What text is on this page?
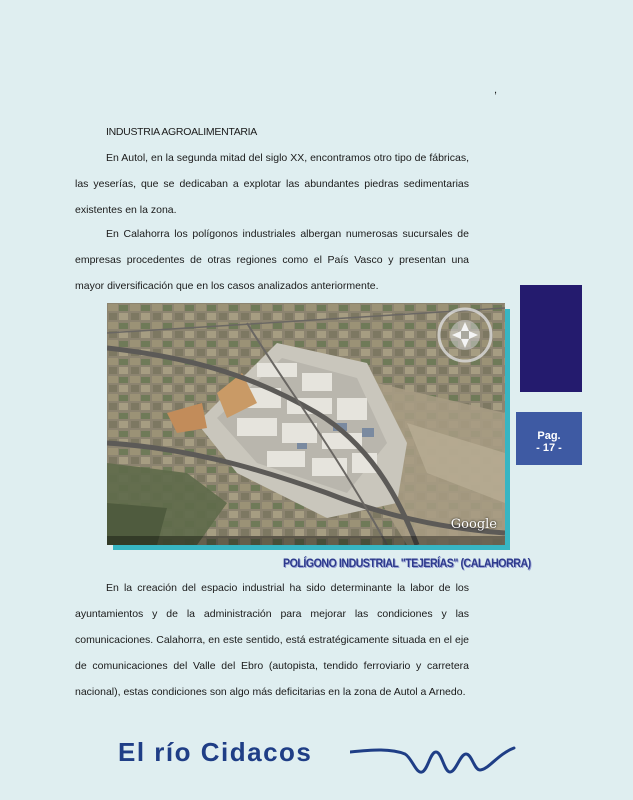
,
INDUSTRIA AGROALIMENTARIA

En Autol, en la segunda mitad del siglo XX, encontramos otro tipo de fábricas, las yeserías, que se dedicaban a explotar las abundantes piedras sedimentarias existentes en la zona.

En Calahorra los polígonos industriales albergan numerosas sucursales de empresas procedentes de otras regiones como el País Vasco y presentan una mayor diversificación que en los casos analizados anteriormente.

Google
POLÍGONO INDUSTRIAL "TEJERÍAS" (CALAHORRA)

En la creación del espacio industrial ha sido determinante la labor de los ayuntamientos y de la administración para mejorar las condiciones y las comunicaciones. Calahorra, en este sentido, está estratégicamente situada en el eje de comunicaciones del Valle del Ebro (autopista, tendido ferroviario y carretera nacional), estas condiciones son algo más deficitarias en la zona de Autol a Arnedo.

Pag.
- 17 -
El río Cidacos
